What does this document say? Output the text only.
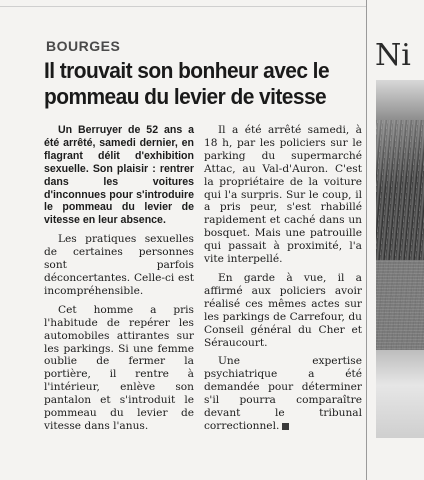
BOURGES
Il trouvait son bonheur avec le
pommeau du levier de vitesse

Un Berruyer de 52 ans a été arrêté, samedi dernier, en flagrant délit d'exhibition sexuelle. Son plaisir : rentrer dans les voitures d'inconnues pour s'introduire le pommeau du levier de vitesse en leur absence.

Les pratiques sexuelles de certaines personnes sont parfois déconcertantes. Celle-ci est incompréhensible.

Cet homme a pris l'habitude de repérer les automobiles attirantes sur les parkings. Si une femme oublie de fermer la portière, il rentre à l'intérieur, enlève son pantalon et s'introduit le pommeau du levier de vitesse dans l'anus.

Il a été arrêté samedi, à 18 h, par les policiers sur le parking du supermarché Attac, au Val-d'Auron. C'est la propriétaire de la voiture qui l'a surpris. Sur le coup, il a pris peur, s'est rhabillé rapidement et caché dans un bosquet. Mais une patrouille qui passait à proximité, l'a vite interpellé.

En garde à vue, il a affirmé aux policiers avoir réalisé ces mêmes actes sur les parkings de Carrefour, du Conseil général du Cher et Séraucourt.

Une expertise psychiatrique a été demandée pour déterminer s'il pourra comparaître devant le tribunal correctionnel.

Ni
